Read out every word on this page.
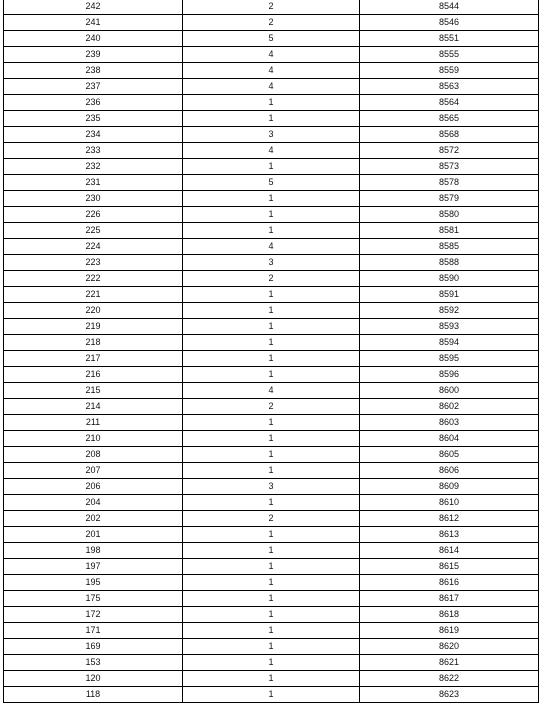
242	2	8544
241	2	8546
240	5	8551
239	4	8555
238	4	8559
237	4	8563
236	1	8564
235	1	8565
234	3	8568
233	4	8572
232	1	8573
231	5	8578
230	1	8579
226	1	8580
225	1	8581
224	4	8585
223	3	8588
222	2	8590
221	1	8591
220	1	8592
219	1	8593
218	1	8594
217	1	8595
216	1	8596
215	4	8600
214	2	8602
211	1	8603
210	1	8604
208	1	8605
207	1	8606
206	3	8609
204	1	8610
202	2	8612
201	1	8613
198	1	8614
197	1	8615
195	1	8616
175	1	8617
172	1	8618
171	1	8619
169	1	8620
153	1	8621
120	1	8622
118	1	8623
